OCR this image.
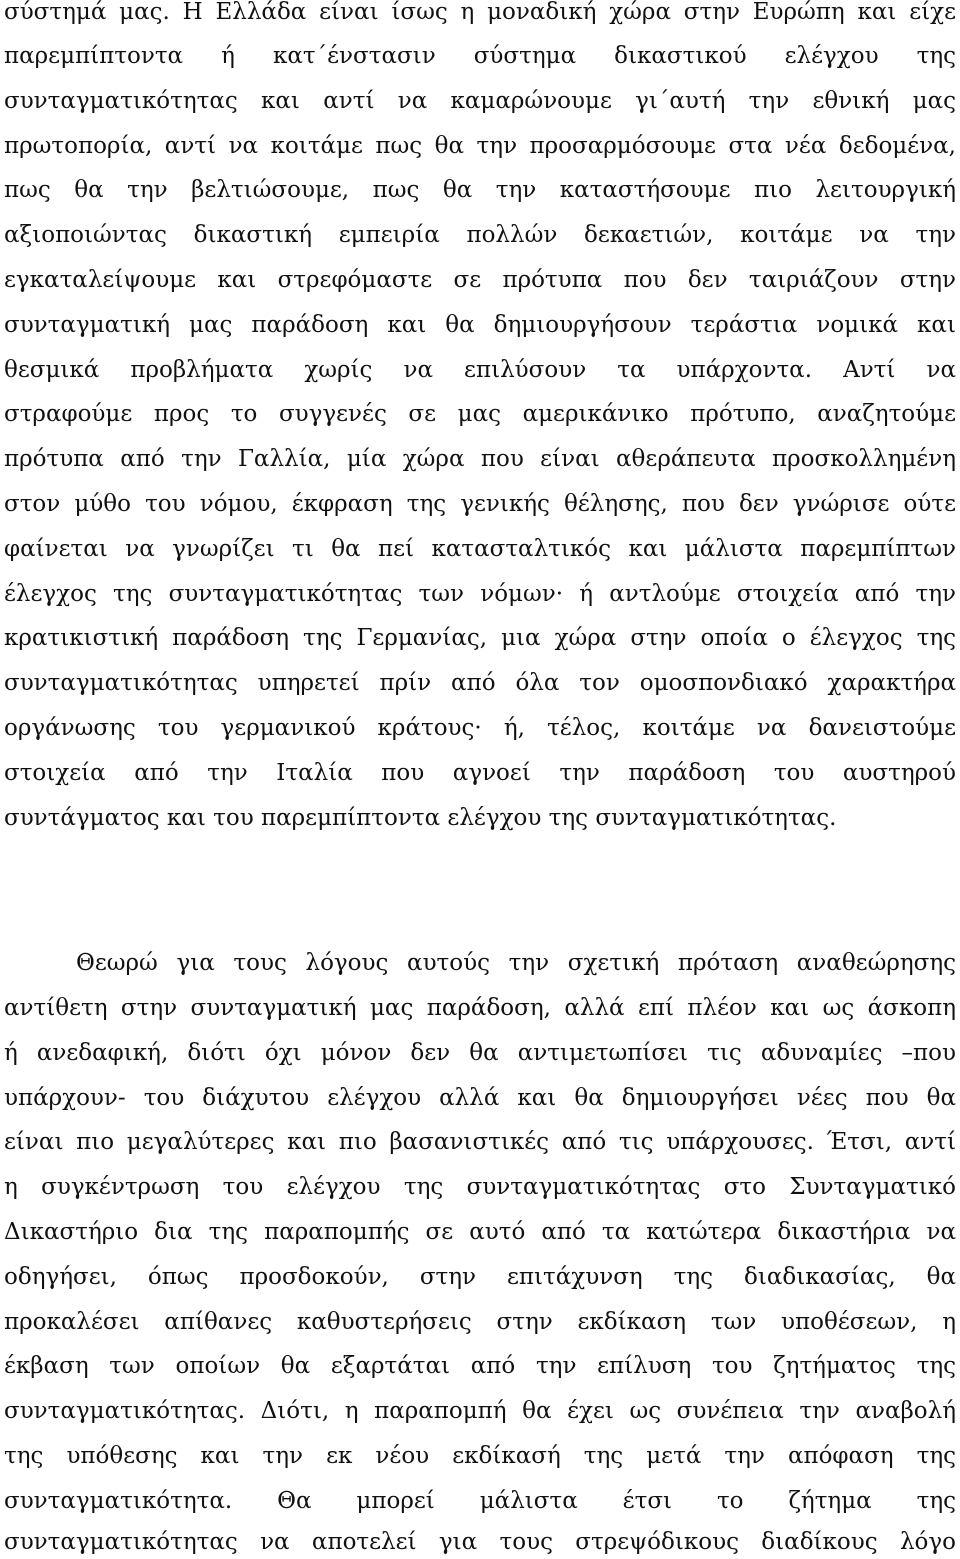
σύστημά μας. Η Ελλάδα είναι ίσως η μοναδική χώρα στην Ευρώπη και είχε
παρεμπίπτοντα ή κατ΄ένστασιν σύστημα δικαστικού ελέγχου της
συνταγματικότητας και αντί να καμαρώνουμε γι΄αυτή την εθνική μας
πρωτοπορία, αντί να κοιτάμε πως θα την προσαρμόσουμε στα νέα δεδομένα,
πως θα την βελτιώσουμε, πως θα την καταστήσουμε πιο λειτουργική
αξιοποιώντας δικαστική εμπειρία πολλών δεκαετιών, κοιτάμε να την
εγκαταλείψουμε και στρεφόμαστε σε πρότυπα που δεν ταιριάζουν στην
συνταγματική μας παράδοση και θα δημιουργήσουν τεράστια νομικά και
θεσμικά προβλήματα χωρίς να επιλύσουν τα υπάρχοντα. Αντί να
στραφούμε προς το συγγενές σε μας αμερικάνικο πρότυπο, αναζητούμε
πρότυπα από την Γαλλία, μία χώρα που είναι αθεράπευτα προσκολλημένη
στον μύθο του νόμου, έκφραση της γενικής θέλησης, που δεν γνώρισε ούτε
φαίνεται να γνωρίζει τι θα πεί κατασταλτικός και μάλιστα παρεμπίπτων
έλεγχος της συνταγματικότητας των νόμων· ή αντλούμε στοιχεία από την
κρατικιστική παράδοση της Γερμανίας, μια χώρα στην οποία ο έλεγχος της
συνταγματικότητας υπηρετεί πρίν από όλα τον ομοσπονδιακό χαρακτήρα
οργάνωσης του γερμανικού κράτους· ή, τέλος, κοιτάμε να δανειστούμε
στοιχεία από την Ιταλία που αγνοεί την παράδοση του αυστηρού
συντάγματος και του παρεμπίπτοντα ελέγχου της συνταγματικότητας.
Θεωρώ για τους λόγους αυτούς την σχετική πρόταση αναθεώρησης
αντίθετη στην συνταγματική μας παράδοση, αλλά επί πλέον και ως άσκοπη
ή ανεδαφική, διότι όχι μόνον δεν θα αντιμετωπίσει τις αδυναμίες –που
υπάρχουν- του διάχυτου ελέγχου αλλά και θα δημιουργήσει νέες που θα
είναι πιο μεγαλύτερες και πιο βασανιστικές από τις υπάρχουσες. Έτσι, αντί
η συγκέντρωση του ελέγχου της συνταγματικότητας στο Συνταγματικό
Δικαστήριο δια της παραπομπής σε αυτό από τα κατώτερα δικαστήρια να
οδηγήσει, όπως προσδοκούν, στην επιτάχυνση της διαδικασίας, θα
προκαλέσει απίθανες καθυστερήσεις στην εκδίκαση των υποθέσεων, η
έκβαση των οποίων θα εξαρτάται από την επίλυση του ζητήματος της
συνταγματικότητας. Διότι, η παραπομπή θα έχει ως συνέπεια την αναβολή
της υπόθεσης και την εκ νέου εκδίκασή της μετά την απόφαση της
συνταγματικότητα. Θα μπορεί μάλιστα έτσι το ζήτημα της
συνταγματικότητας να αποτελεί για τους στρεψόδικους διαδίκους λόγο
